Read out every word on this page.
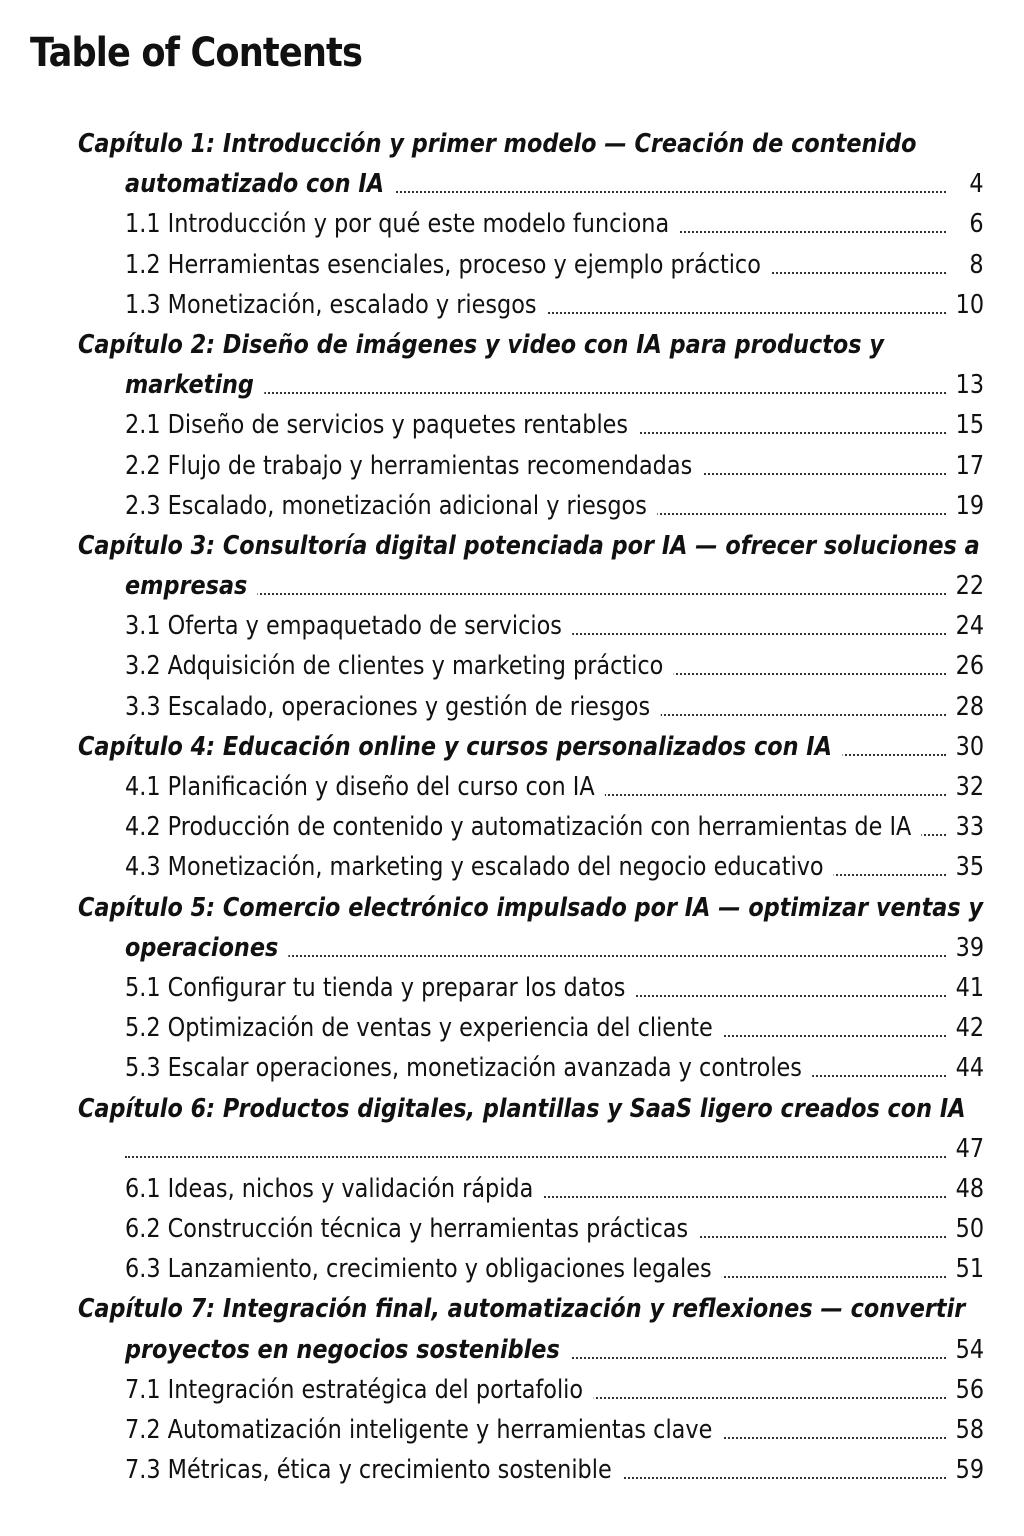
Table of Contents
Capítulo 1: Introducción y primer modelo — Creación de contenido
automatizado con IA	4
1.1 Introducción y por qué este modelo funciona	6
1.2 Herramientas esenciales, proceso y ejemplo práctico	8
1.3 Monetización, escalado y riesgos	10
Capítulo 2: Diseño de imágenes y video con IA para productos y
marketing	13
2.1 Diseño de servicios y paquetes rentables	15
2.2 Flujo de trabajo y herramientas recomendadas	17
2.3 Escalado, monetización adicional y riesgos	19
Capítulo 3: Consultoría digital potenciada por IA — ofrecer soluciones a
empresas	22
3.1 Oferta y empaquetado de servicios	24
3.2 Adquisición de clientes y marketing práctico	26
3.3 Escalado, operaciones y gestión de riesgos	28
Capítulo 4: Educación online y cursos personalizados con IA	30
4.1 Planificación y diseño del curso con IA	32
4.2 Producción de contenido y automatización con herramientas de IA	33
4.3 Monetización, marketing y escalado del negocio educativo	35
Capítulo 5: Comercio electrónico impulsado por IA — optimizar ventas y
operaciones	39
5.1 Configurar tu tienda y preparar los datos	41
5.2 Optimización de ventas y experiencia del cliente	42
5.3 Escalar operaciones, monetización avanzada y controles	44
Capítulo 6: Productos digitales, plantillas y SaaS ligero creados con IA
47
6.1 Ideas, nichos y validación rápida	48
6.2 Construcción técnica y herramientas prácticas	50
6.3 Lanzamiento, crecimiento y obligaciones legales	51
Capítulo 7: Integración final, automatización y reflexiones — convertir
proyectos en negocios sostenibles	54
7.1 Integración estratégica del portafolio	56
7.2 Automatización inteligente y herramientas clave	58
7.3 Métricas, ética y crecimiento sostenible	59
